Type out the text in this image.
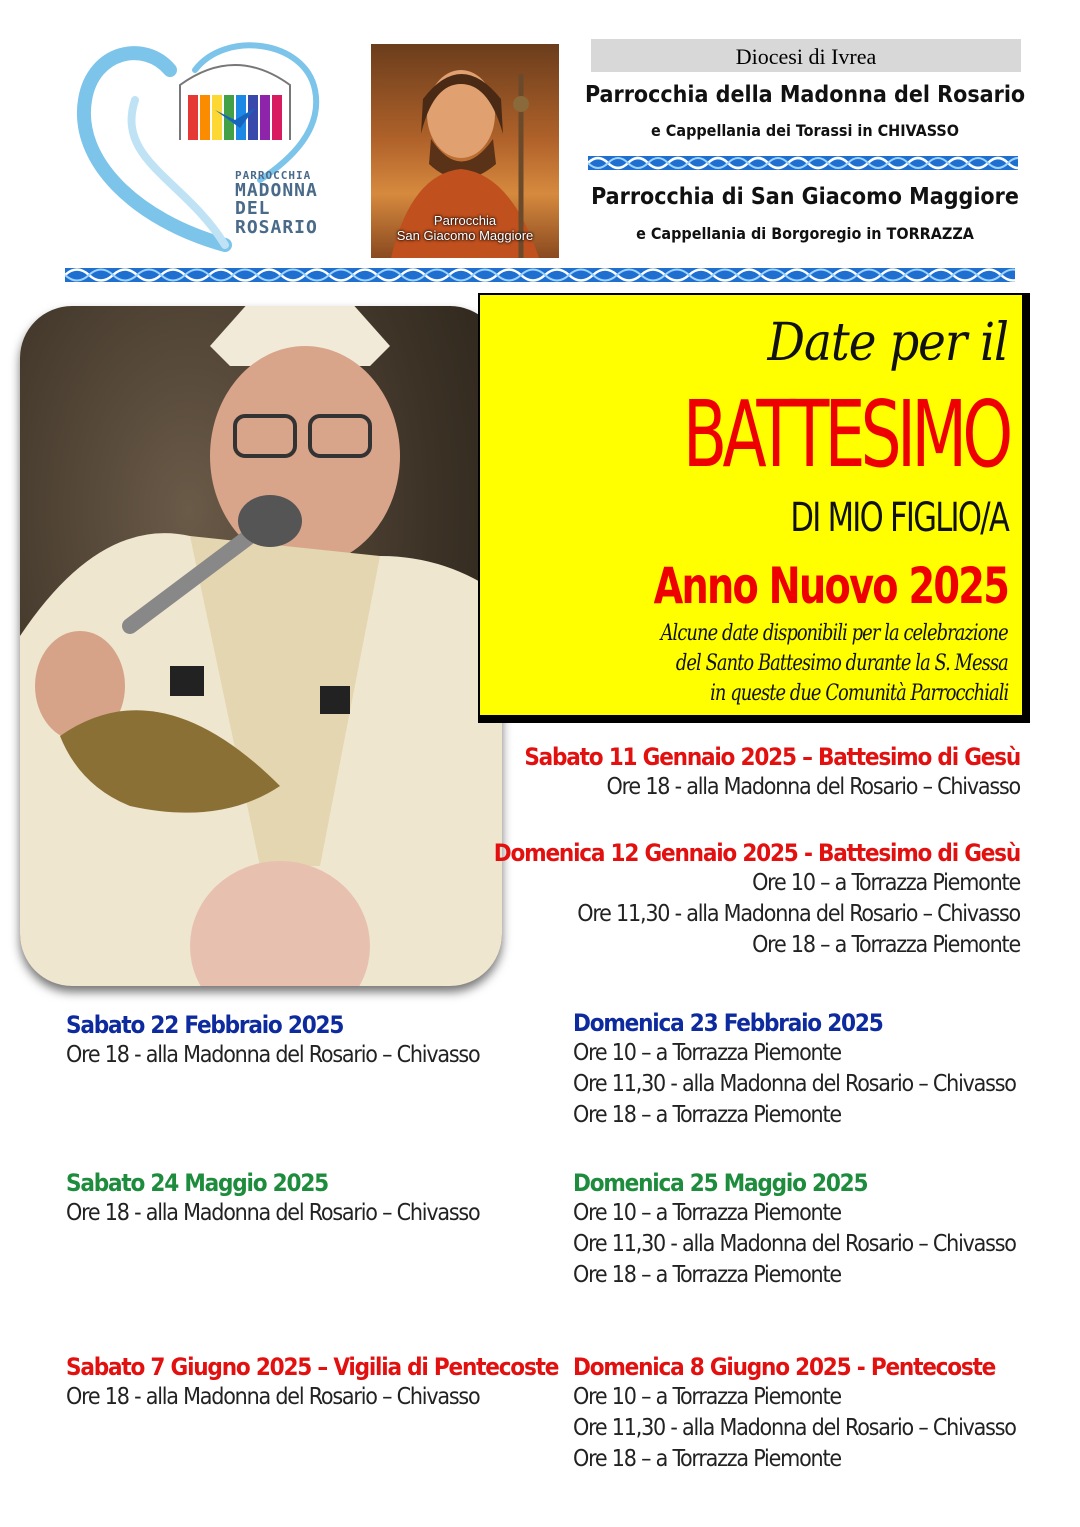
PARROCCHIA
MADONNA
DEL
ROSARIO	Parrocchia
San Giacomo Maggiore
Diocesi di Ivrea
Parrocchia della Madonna del Rosario
e Cappellania dei Torassi in CHIVASSO
Parrocchia di San Giacomo Maggiore
e Cappellania di Borgoregio in TORRAZZA
Date per il
BATTESIMO
DI MIO FIGLIO/A
Anno Nuovo 2025
Alcune date disponibili per la celebrazione
del Santo Battesimo durante la S. Messa
in queste due Comunità Parrocchiali
Sabato 11 Gennaio 2025 – Battesimo di Gesù
Ore 18 - alla Madonna del Rosario – Chivasso
Domenica 12 Gennaio 2025 - Battesimo di Gesù
Ore 10 – a Torrazza Piemonte
Ore 11,30 - alla Madonna del Rosario – Chivasso
Ore 18 – a Torrazza Piemonte
Sabato 22 Febbraio 2025
Ore 18 - alla Madonna del Rosario – Chivasso
Domenica 23 Febbraio 2025
Ore 10 – a Torrazza Piemonte
Ore 11,30 - alla Madonna del Rosario – Chivasso
Ore 18 – a Torrazza Piemonte
Sabato 24 Maggio 2025
Ore 18 - alla Madonna del Rosario – Chivasso
Domenica 25 Maggio 2025
Ore 10 – a Torrazza Piemonte
Ore 11,30 - alla Madonna del Rosario – Chivasso
Ore 18 – a Torrazza Piemonte
Sabato 7 Giugno 2025 – Vigilia di Pentecoste
Ore 18 - alla Madonna del Rosario – Chivasso
Domenica 8 Giugno 2025 - Pentecoste
Ore 10 – a Torrazza Piemonte
Ore 11,30 - alla Madonna del Rosario – Chivasso
Ore 18 – a Torrazza Piemonte
